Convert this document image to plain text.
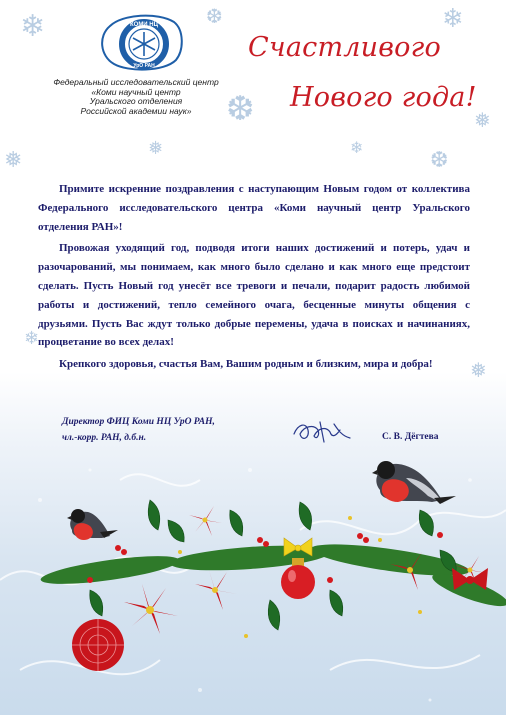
❄
❅
❆	❄
❅
❆
❄
❅	❆
❄
❅
КОМИ НЦ
УрО РАН
Федеральный исследовательский центр
«Коми научный центр
Уральского отделения
Российской академии наук»
Счастливого
Нового года!

Примите искренние поздравления с наступающим Новым годом от коллектива Федерального исследовательского центра «Коми научный центр Уральского отделения РАН»!

Провожая уходящий год, подводя итоги наших достижений и потерь, удач и разочарований, мы понимаем, как много было сделано и как много еще предстоит сделать. Пусть Новый год унесёт все тревоги и печали, подарит радость любимой работы и достижений, тепло семейного очага, бесценные минуты общения с друзьями. Пусть Вас ждут только добрые перемены, удача в поисках и начинаниях, процветание во всех делах!

Крепкого здоровья, счастья Вам, Вашим родным и близким, мира и добра!

Директор ФИЦ Коми НЦ УрО РАН,
чл.-корр. РАН, д.б.н.	С. В. Дёгтева
